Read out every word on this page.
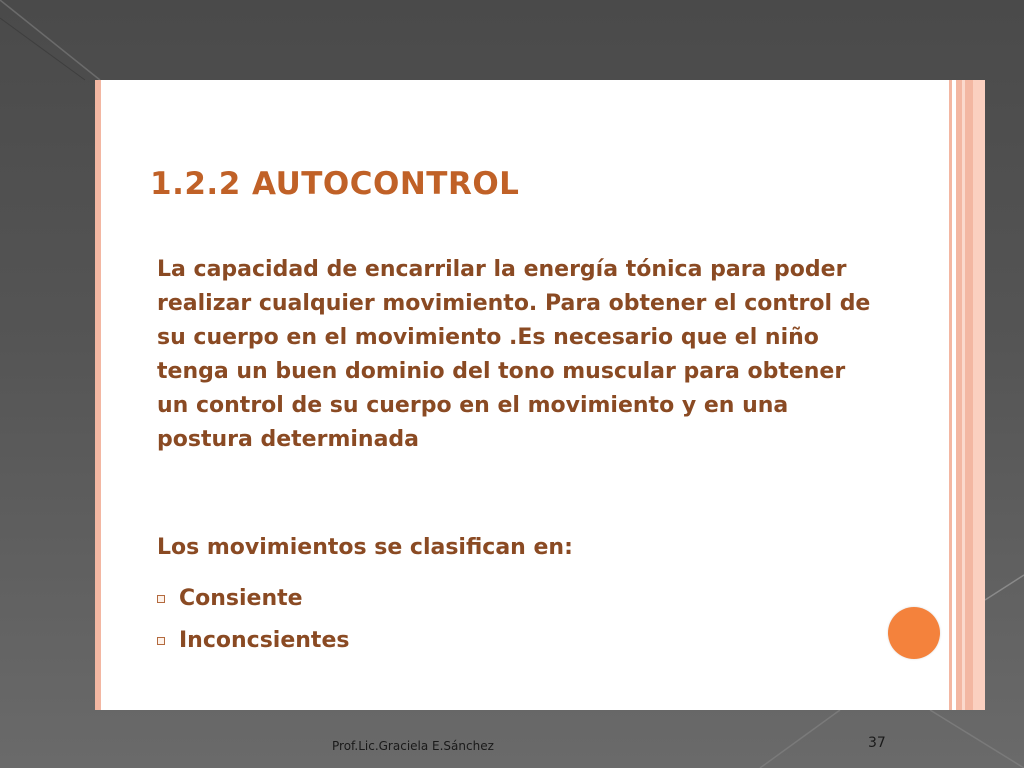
1.2.2 AUTOCONTROL

La capacidad de encarrilar la energía tónica para poder realizar cualquier movimiento. Para obtener el control de su cuerpo en el movimiento .Es necesario que el niño tenga un buen dominio del tono muscular para obtener un control de su cuerpo en el movimiento y en una postura determinada

Los movimientos se clasifican en:

Consiente
Inconcsientes
Prof.Lic.Graciela E.Sánchez	37
